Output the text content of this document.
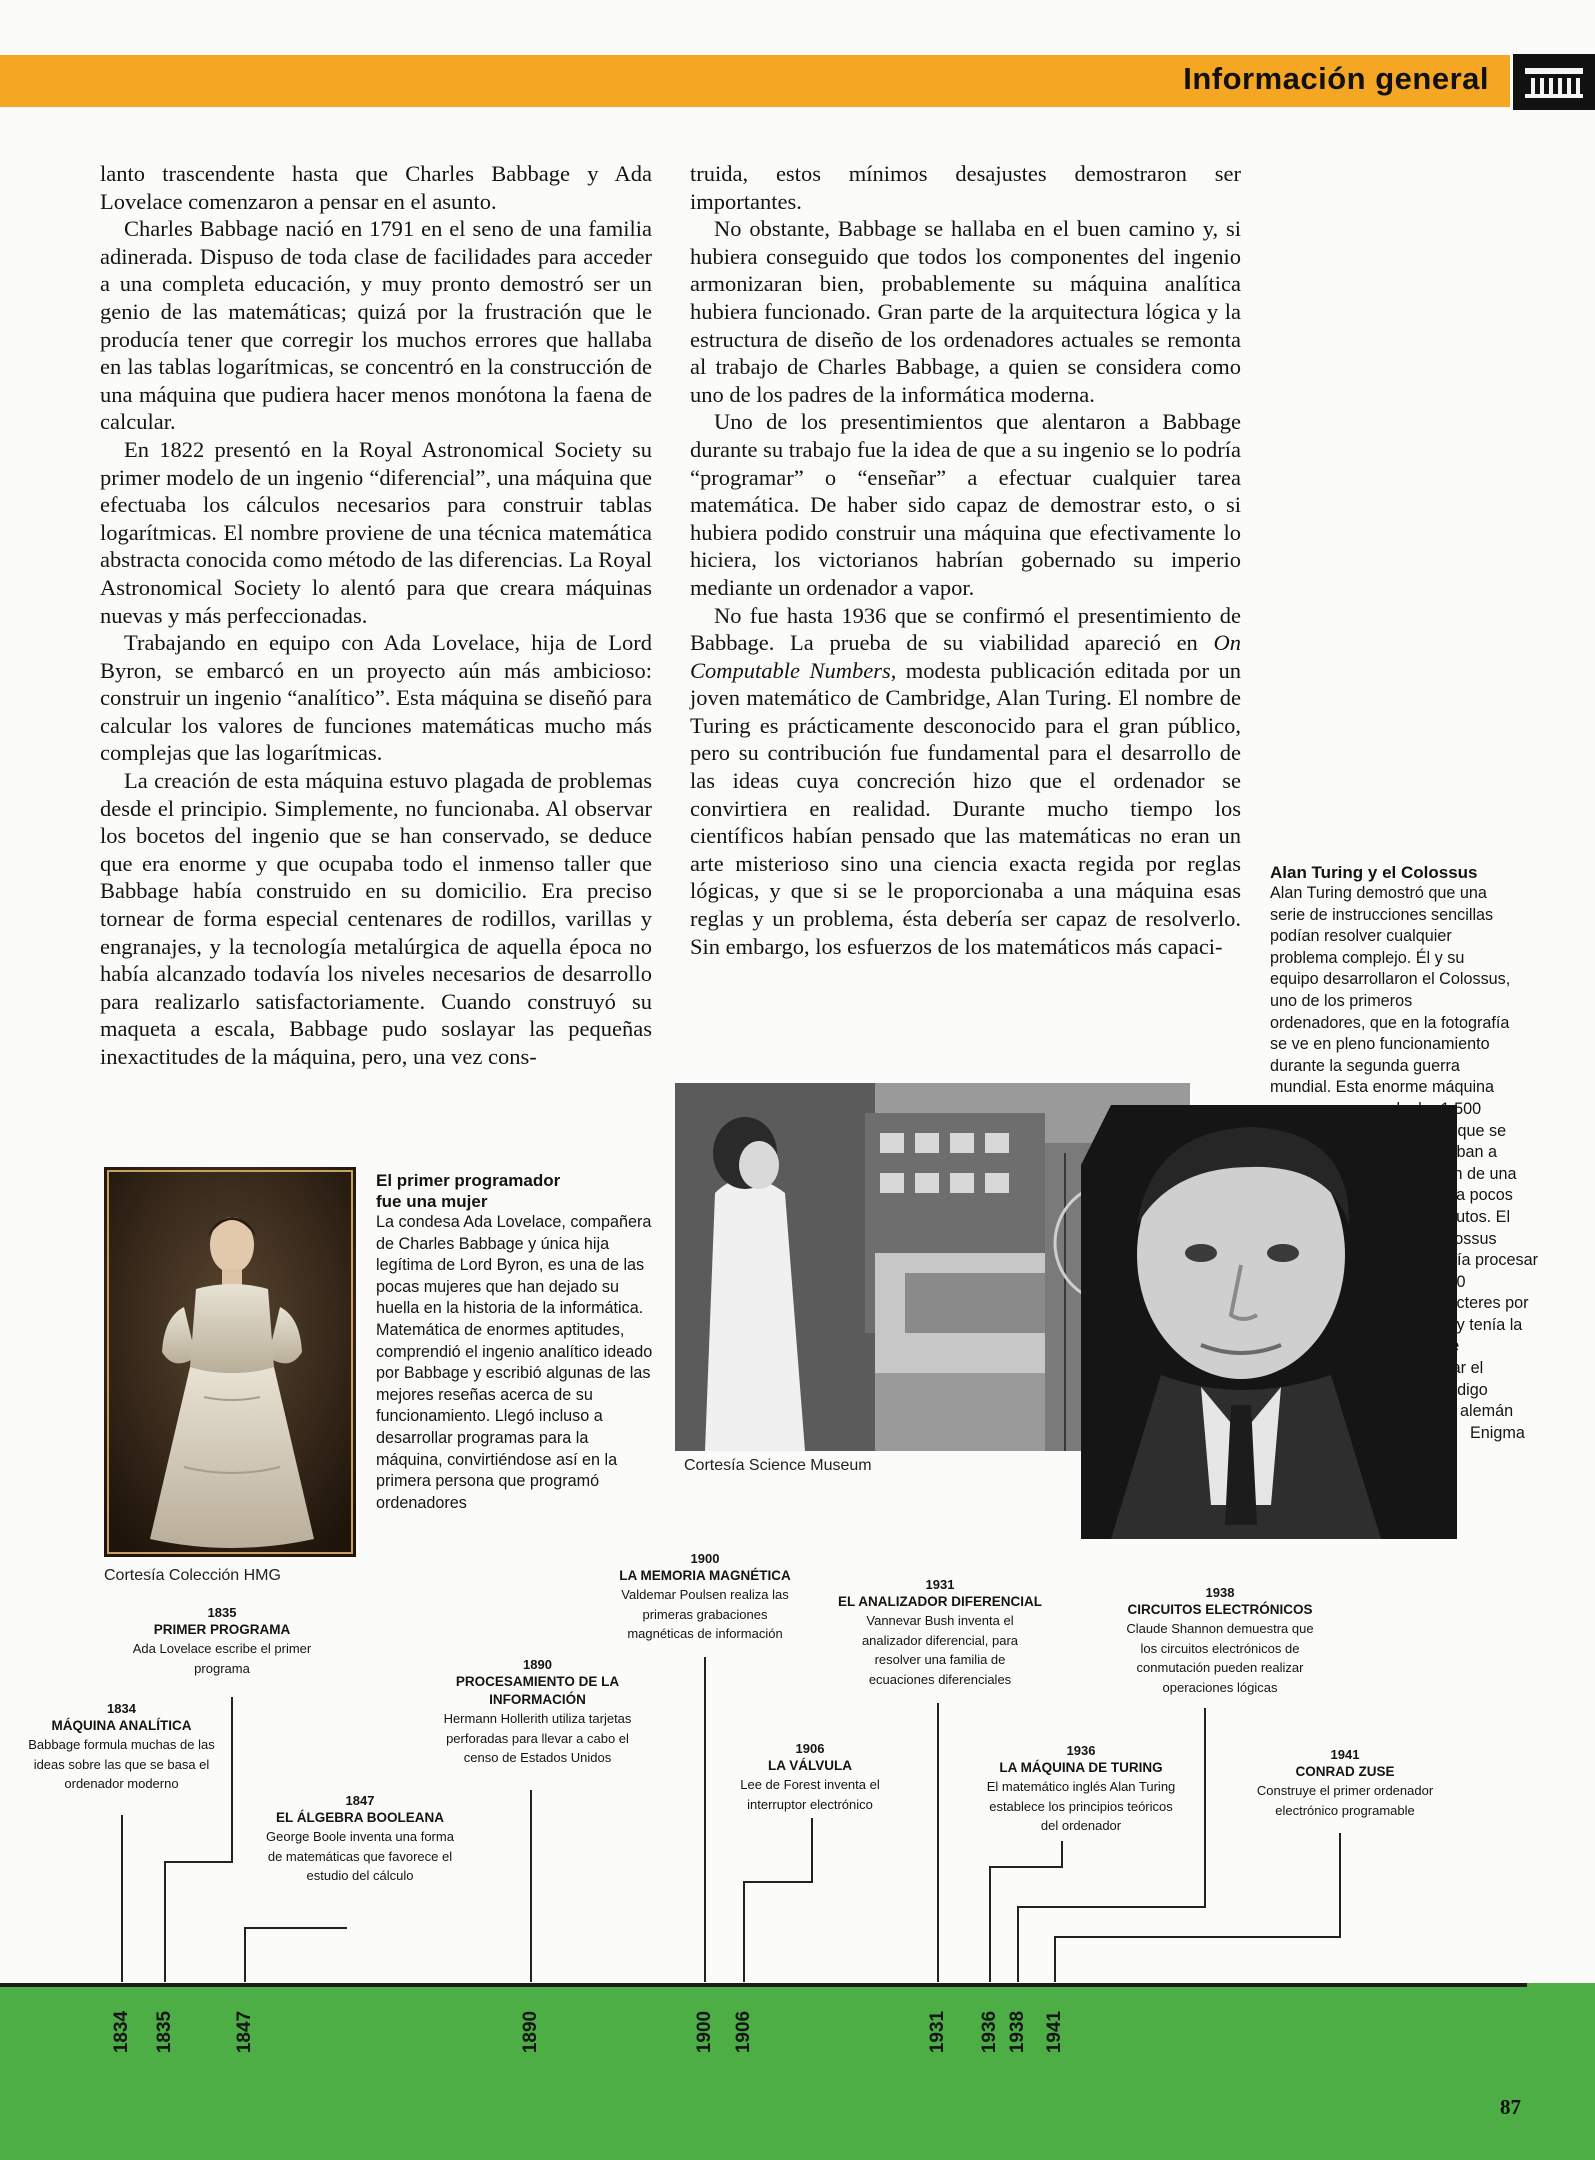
Información general

lanto trascendente hasta que Charles Babbage y Ada Lovelace comenzaron a pensar en el asunto.

Charles Babbage nació en 1791 en el seno de una familia adinerada. Dispuso de toda clase de facilidades para acceder a una completa educación, y muy pronto demostró ser un genio de las matemáticas; quizá por la frustración que le producía tener que corregir los muchos errores que hallaba en las tablas logarítmicas, se concentró en la construcción de una máquina que pudiera hacer menos monótona la faena de calcular.

En 1822 presentó en la Royal Astronomical Society su primer modelo de un ingenio “diferencial”, una máquina que efectuaba los cálculos necesarios para construir tablas logarítmicas. El nombre proviene de una técnica matemática abstracta conocida como método de las diferencias. La Royal Astronomical Society lo alentó para que creara máquinas nuevas y más perfeccionadas.

Trabajando en equipo con Ada Lovelace, hija de Lord Byron, se embarcó en un proyecto aún más ambicioso: construir un ingenio “analítico”. Esta máquina se diseñó para calcular los valores de funciones matemáticas mucho más complejas que las logarítmicas.

La creación de esta máquina estuvo plagada de problemas desde el principio. Simplemente, no funcionaba. Al observar los bocetos del ingenio que se han conservado, se deduce que era enorme y que ocupaba todo el inmenso taller que Babbage había construido en su domicilio. Era preciso tornear de forma especial centenares de rodillos, varillas y engranajes, y la tecnología metalúrgica de aquella época no había alcanzado todavía los niveles necesarios de desarrollo para realizarlo satisfactoriamente. Cuando construyó su maqueta a escala, Babbage pudo soslayar las pequeñas inexactitudes de la máquina, pero, una vez cons-

truida, estos mínimos desajustes demostraron ser importantes.

No obstante, Babbage se hallaba en el buen camino y, si hubiera conseguido que todos los componentes del ingenio armonizaran bien, probablemente su máquina analítica hubiera funcionado. Gran parte de la arquitectura lógica y la estructura de diseño de los ordenadores actuales se remonta al trabajo de Charles Babbage, a quien se considera como uno de los padres de la informática moderna.

Uno de los presentimientos que alentaron a Babbage durante su trabajo fue la idea de que a su ingenio se lo podría “programar” o “enseñar” a efectuar cualquier tarea matemática. De haber sido capaz de demostrar esto, o si hubiera podido construir una máquina que efectivamente lo hiciera, los victorianos habrían gobernado su imperio mediante un ordenador a vapor.

No fue hasta 1936 que se confirmó el presentimiento de Babbage. La prueba de su viabilidad apareció en On Computable Numbers, modesta publicación editada por un joven matemático de Cambridge, Alan Turing. El nombre de Turing es prácticamente desconocido para el gran público, pero su contribución fue fundamental para el desarrollo de las ideas cuya concreción hizo que el ordenador se convirtiera en realidad. Durante mucho tiempo los científicos habían pensado que las matemáticas no eran un arte misterioso sino una ciencia exacta regida por reglas lógicas, y que si se le proporcionaba a una máquina esas reglas y un problema, ésta debería ser capaz de resolverlo. Sin embargo, los esfuerzos de los matemáticos más capaci-

Cortesía Colección HMG
El primer programador
fue una mujer
La condesa Ada Lovelace, compañera de Charles Babbage y única hija legítima de Lord Byron, es una de las pocas mujeres que han dejado su huella en la historia de la informática. Matemática de enormes aptitudes, comprendió el ingenio analítico ideado por Babbage y escribió algunas de las mejores reseñas acerca de su funcionamiento. Llegó incluso a desarrollar programas para la máquina, convirtiéndose así en la primera persona que programó ordenadores
Cortesía Science Museum
Alan Turing y el Colossus
Alan Turing demostró que una
serie de instrucciones sencillas
podían resolver cualquier
problema complejo. Él y su
equipo desarrollaron el Colossus,
uno de los primeros
ordenadores, que en la fotografía
se ve en pleno funcionamiento
durante la segunda guerra
mundial. Esta enorme máquina
empleaba 1 500
válvulas, que se
quemaban a
razón de una
cada pocos
minutos. El
Colossus
podía procesar
5 000
caracteres por
segundo y tenía la
misión de
descifrar el
código
alemán
Enigma
1834
MÁQUINA ANALÍTICA
Babbage formula muchas de las
ideas sobre las que se basa el
ordenador moderno
1835
PRIMER PROGRAMA
Ada Lovelace escribe el primer
programa
1847
EL ÁLGEBRA BOOLEANA
George Boole inventa una forma
de matemáticas que favorece el
estudio del cálculo
1890
PROCESAMIENTO DE LA INFORMACIÓN
Hermann Hollerith utiliza tarjetas
perforadas para llevar a cabo el
censo de Estados Unidos
1900
LA MEMORIA MAGNÉTICA
Valdemar Poulsen realiza las
primeras grabaciones
magnéticas de información
1906
LA VÁLVULA
Lee de Forest inventa el
interruptor electrónico
1931
EL ANALIZADOR DIFERENCIAL
Vannevar Bush inventa el
analizador diferencial, para
resolver una familia de
ecuaciones diferenciales
1936
LA MÁQUINA DE TURING
El matemático inglés Alan Turing
establece los principios teóricos
del ordenador
1938
CIRCUITOS ELECTRÓNICOS
Claude Shannon demuestra que
los circuitos electrónicos de
conmutación pueden realizar
operaciones lógicas
1941
CONRAD ZUSE
Construye el primer ordenador
electrónico programable
1834 1835	1847	1890	1900 1906	1931 1936 1938 1941
87
